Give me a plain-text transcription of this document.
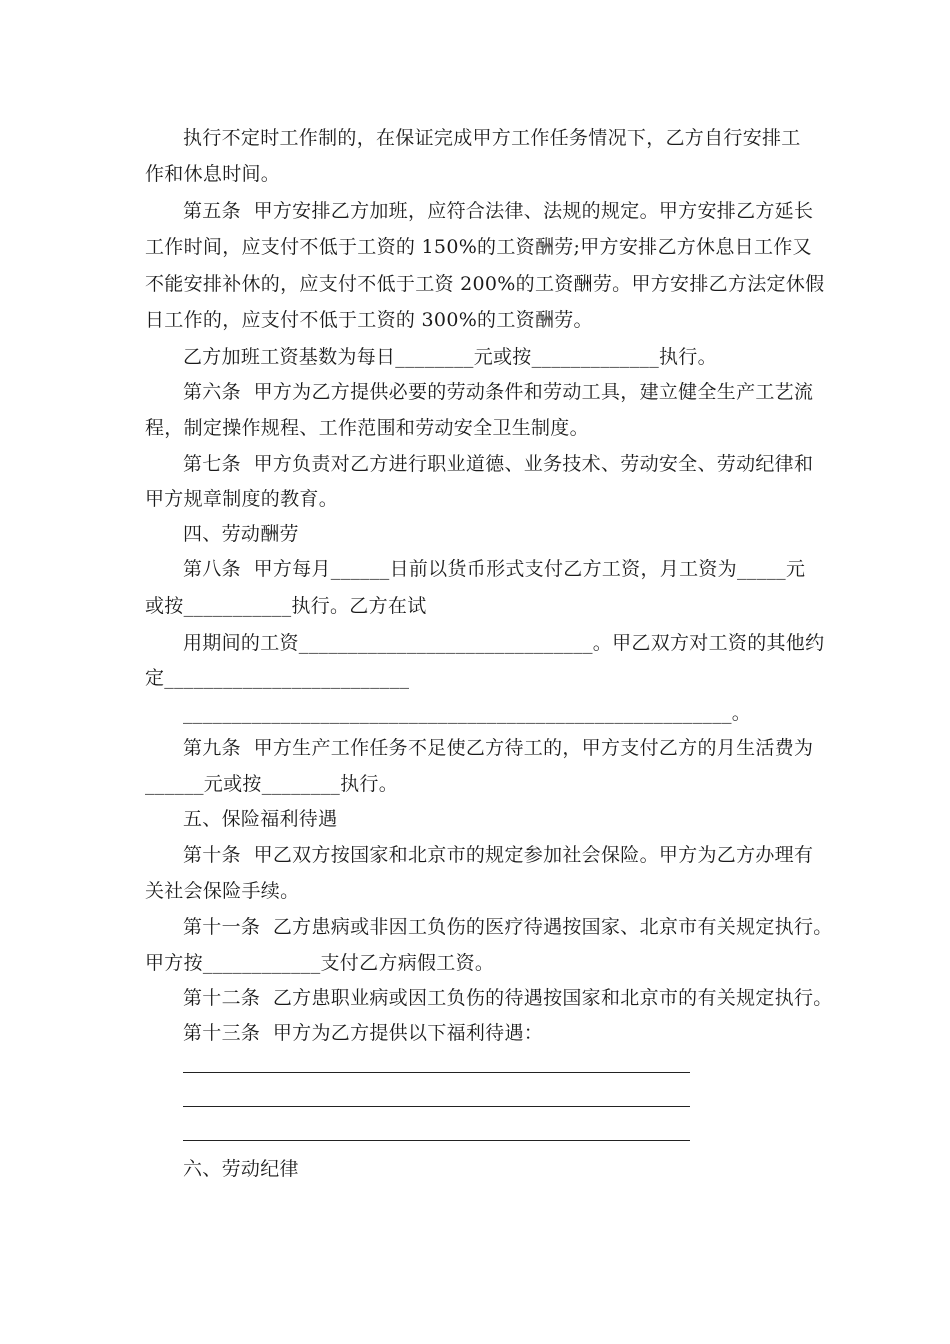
执行不定时工作制的，在保证完成甲方工作任务情况下，乙方自行安排工
作和休息时间。
第五条  甲方安排乙方加班，应符合法律、法规的规定。甲方安排乙方延长
工作时间，应支付不低于工资的 150%的工资酬劳;甲方安排乙方休息日工作又
不能安排补休的，应支付不低于工资 200%的工资酬劳。甲方安排乙方法定休假
日工作的，应支付不低于工资的 300%的工资酬劳。
乙方加班工资基数为每日________元或按_____________执行。
第六条  甲方为乙方提供必要的劳动条件和劳动工具，建立健全生产工艺流
程，制定操作规程、工作范围和劳动安全卫生制度。
第七条  甲方负责对乙方进行职业道德、业务技术、劳动安全、劳动纪律和
甲方规章制度的教育。
四、劳动酬劳
第八条  甲方每月______日前以货币形式支付乙方工资，月工资为_____元
或按___________执行。乙方在试
用期间的工资______________________________。甲乙双方对工资的其他约
定_________________________
________________________________________________________。
第九条  甲方生产工作任务不足使乙方待工的，甲方支付乙方的月生活费为
______元或按________执行。
五、保险福利待遇
第十条  甲乙双方按国家和北京市的规定参加社会保险。甲方为乙方办理有
关社会保险手续。
第十一条  乙方患病或非因工负伤的医疗待遇按国家、北京市有关规定执行。
甲方按____________支付乙方病假工资。
第十二条  乙方患职业病或因工负伤的待遇按国家和北京市的有关规定执行。
第十三条  甲方为乙方提供以下福利待遇：
六、劳动纪律
